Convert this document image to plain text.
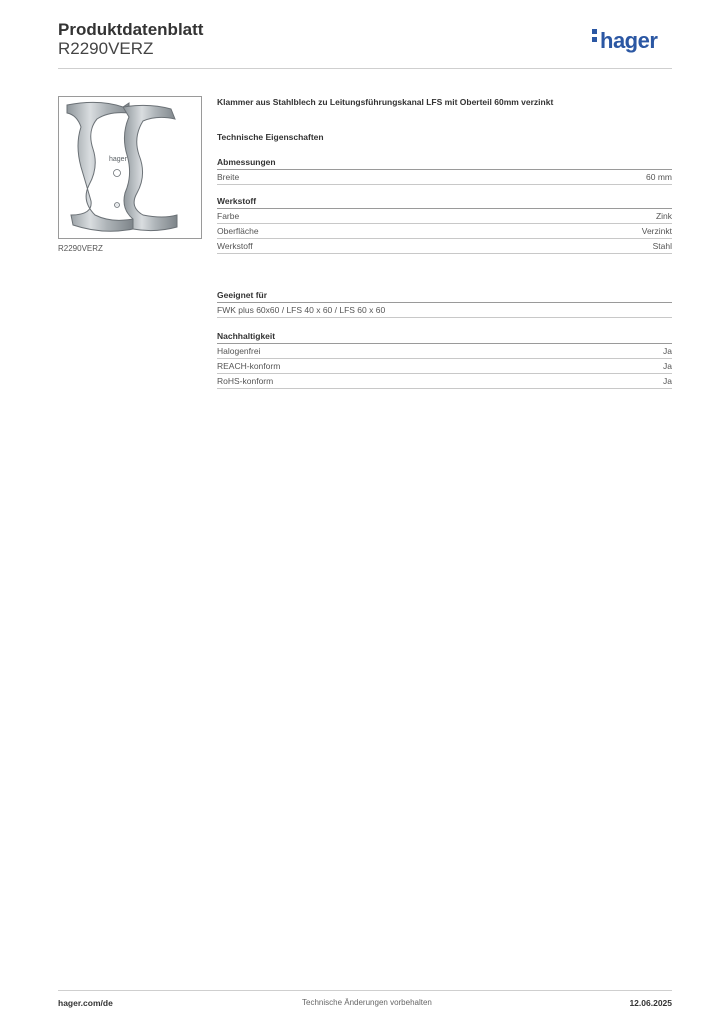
Produktdatenblatt
R2290VERZ	hager
hager
R2290VERZ
Klammer aus Stahlblech zu Leitungsführungskanal LFS mit Oberteil 60mm verzinkt
Technische Eigenschaften
Abmessungen
Breite	60 mm
Werkstoff
Farbe	Zink
Oberfläche	Verzinkt
Werkstoff	Stahl
Geeignet für
FWK plus 60x60 / LFS 40 x 60 / LFS 60 x 60
Nachhaltigkeit
Halogenfrei	Ja
REACH-konform	Ja
RoHS-konform	Ja
hager.com/de	Technische Änderungen vorbehalten	12.06.2025
